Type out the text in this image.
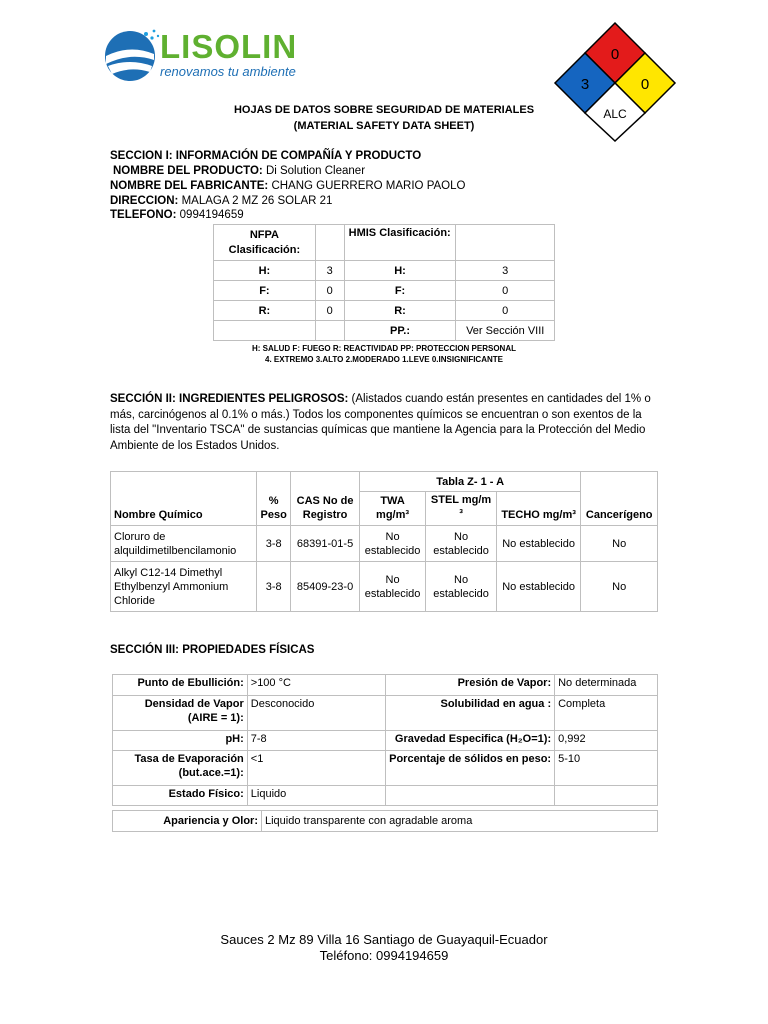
LISOLIN
renovamos tu ambiente
0
3	0
ALC
HOJAS DE DATOS SOBRE SEGURIDAD DE MATERIALES
(MATERIAL SAFETY DATA SHEET)
SECCION I: INFORMACIÓN DE COMPAÑÍA Y PRODUCTO
NOMBRE DEL PRODUCTO: Di Solution Cleaner
NOMBRE DEL FABRICANTE: CHANG GUERRERO MARIO PAOLO
DIRECCION: MALAGA 2 MZ 26 SOLAR 21
TELEFONO: 0994194659
NFPA
Clasificación:		HMIS Clasificación:	
H:	3	H:	3
F:	0	F:	0
R:	0	R:	0
		PP.:	Ver Sección VIII
H: SALUD F: FUEGO R: REACTIVIDAD PP: PROTECCION PERSONAL
4. EXTREMO 3.ALTO 2.MODERADO 1.LEVE 0.INSIGNIFICANTE
SECCIÓN II: INGREDIENTES PELIGROSOS: (Alistados cuando están presentes en cantidades del 1% o más, carcinógenos al 0.1% o más.) Todos los componentes químicos se encuentran o son exentos de la lista del "Inventario TSCA" de sustancias químicas que mantiene la Agencia para la Protección del Medio Ambiente de los Estados Unidos.
Nombre Químico	% Peso	CAS No de Registro	Tabla Z- 1 - A			Cancerígeno
			TWA mg/m³	STEL mg/m ³	TECHO mg/m³	
Cloruro de alquildimetilbencilamonio	3-8	68391-01-5	No establecido	No establecido	No establecido	No
Alkyl C12-14 Dimethyl Ethylbenzyl Ammonium Chloride	3-8	85409-23-0	No establecido	No establecido	No establecido	No
SECCIÓN III: PROPIEDADES FÍSICAS
Punto de Ebullición:	>100 °C	Presión de Vapor:	No determinada
Densidad de Vapor (AIRE = 1):	Desconocido	Solubilidad en agua :	Completa
pH:	7-8	Gravedad Especifica (H₂O=1):	0,992
Tasa de Evaporación (but.ace.=1):	<1	Porcentaje de sólidos en peso:	5-10
Estado Físico:	Liquido		
Apariencia y Olor:	Liquido transparente con agradable aroma
Sauces 2 Mz 89 Villa 16 Santiago de Guayaquil-Ecuador
Teléfono: 0994194659
